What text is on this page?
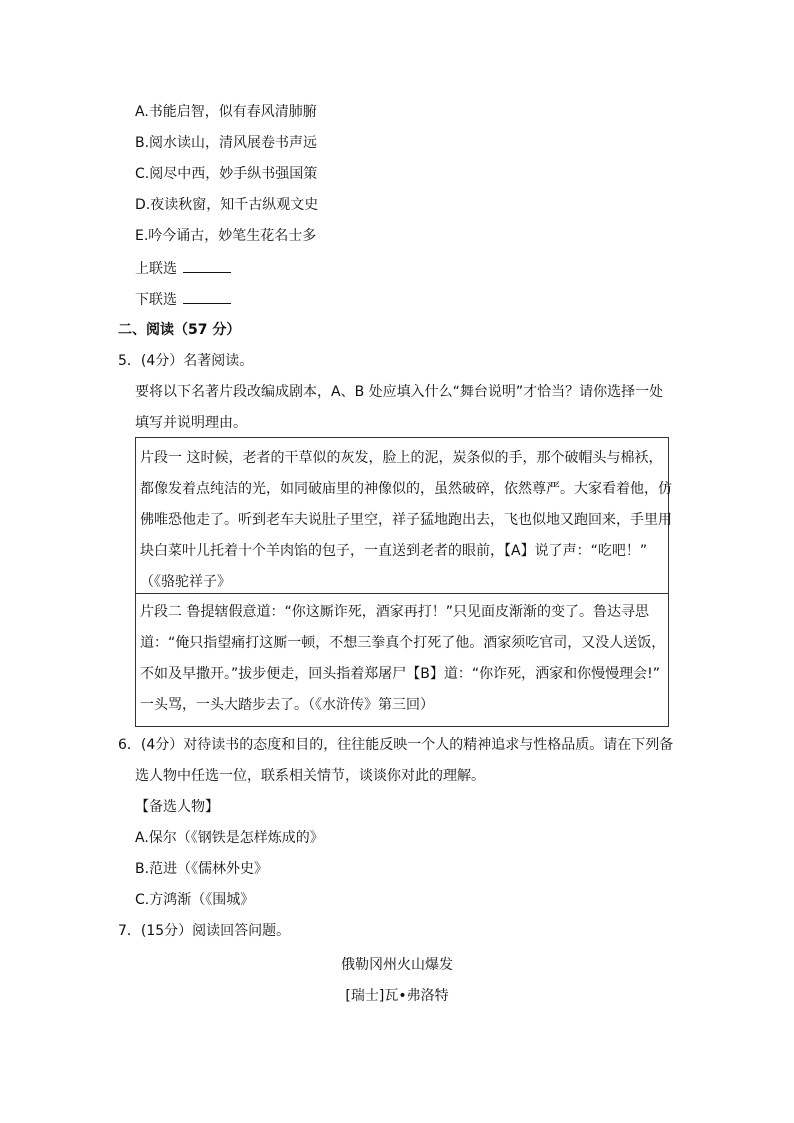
A.书能启智，似有春风清肺腑
B.阅水读山，清风展卷书声远
C.阅尽中西，妙手纵书强国策
D.夜读秋窗，知千古纵观文史
E.吟今诵古，妙笔生花名士多
上联选
下联选
二、阅读（57 分）
5．(4分）名著阅读。
要将以下名著片段改编成剧本，A、B 处应填入什么“舞台说明”才恰当？请你选择一处
填写并说明理由。
片段一 这时候，老者的干草似的灰发，脸上的泥，炭条似的手，那个破帽头与棉袄，
都像发着点纯洁的光，如同破庙里的神像似的，虽然破碎，依然尊严。大家看着他，仿
佛唯恐他走了。听到老车夫说肚子里空，祥子猛地跑出去，飞也似地又跑回来，手里用
块白菜叶儿托着十个羊肉馅的包子，一直送到老者的眼前，【A】说了声：“吃吧！”
（《骆驼祥子》
片段二 鲁提辖假意道：“你这厮诈死，酒家再打！”只见面皮渐渐的变了。鲁达寻思
道：“俺只指望痛打这厮一顿，不想三拳真个打死了他。酒家须吃官司，又没人送饭，
不如及早撒开。”拔步便走，回头指着郑屠尸【B】道：“你诈死，洒家和你慢慢理会!”
一头骂，一头大踏步去了。（《水浒传》第三回）
6．(4分）对待读书的态度和目的，往往能反映一个人的精神追求与性格品质。请在下列备
选人物中任选一位，联系相关情节，谈谈你对此的理解。
【备选人物】
A.保尔（《钢铁是怎样炼成的》
B.范进（《儒林外史》
C.方鸿渐（《围城》
7．(15分）阅读回答问题。
俄勒冈州火山爆发
[瑞士]瓦•弗洛特
